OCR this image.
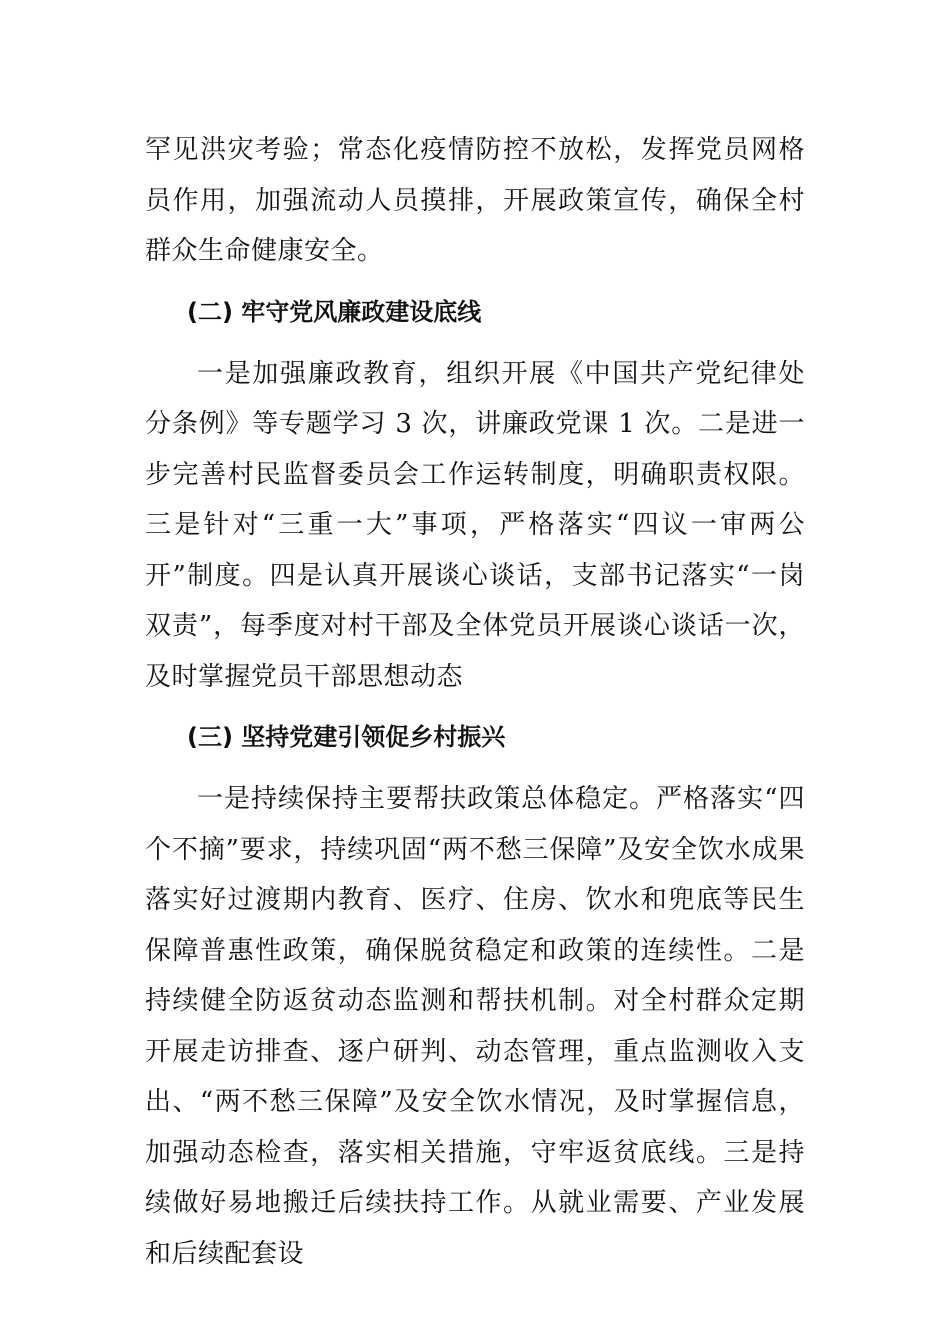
罕见洪灾考验；常态化疫情防控不放松，发挥党员网格员作用，加强流动人员摸排，开展政策宣传，确保全村群众生命健康安全。

(二) 牢守党风廉政建设底线

一是加强廉政教育，组织开展《中国共产党纪律处分条例》等专题学习 3 次，讲廉政党课 1 次。二是进一步完善村民监督委员会工作运转制度，明确职责权限。三是针对“三重一大”事项，严格落实“四议一审两公开”制度。四是认真开展谈心谈话，支部书记落实“一岗双责”，每季度对村干部及全体党员开展谈心谈话一次，及时掌握党员干部思想动态

(三) 坚持党建引领促乡村振兴

一是持续保持主要帮扶政策总体稳定。严格落实“四个不摘”要求，持续巩固“两不愁三保障”及安全饮水成果落实好过渡期内教育、医疗、住房、饮水和兜底等民生保障普惠性政策，确保脱贫稳定和政策的连续性。二是持续健全防返贫动态监测和帮扶机制。对全村群众定期开展走访排查、逐户研判、动态管理，重点监测收入支出、“两不愁三保障”及安全饮水情况，及时掌握信息，加强动态检查，落实相关措施，守牢返贫底线。三是持续做好易地搬迁后续扶持工作。从就业需要、产业发展和后续配套设
